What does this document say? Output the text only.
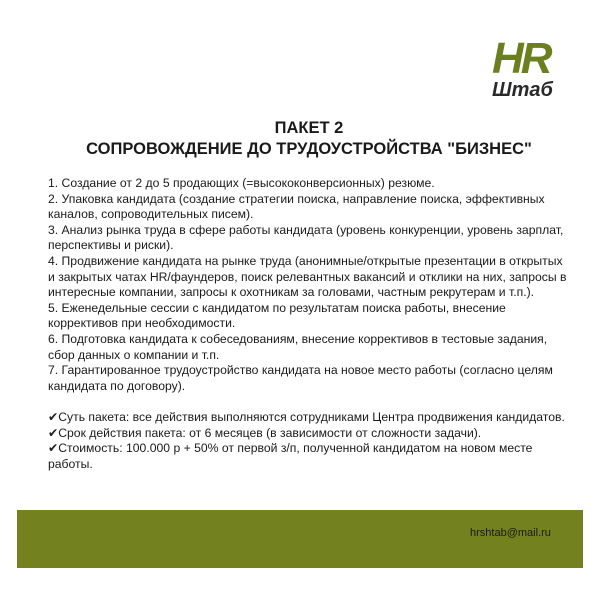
HR
Штаб
ПАКЕТ 2
СОПРОВОЖДЕНИЕ ДО ТРУДОУСТРОЙСТВА "БИЗНЕС"
1. Создание от 2 до 5 продающих (=высококонверсионных) резюме.
2. Упаковка кандидата (создание стратегии поиска, направление поиска, эффективных каналов, сопроводительных писем).
3. Анализ рынка труда в сфере работы кандидата (уровень конкуренции, уровень зарплат, перспективы и риски).
4. Продвижение кандидата на рынке труда (анонимные/открытые презентации в открытых и закрытых чатах HR/фаундеров, поиск релевантных вакансий и отклики на них, запросы в интересные компании, запросы к охотникам за головами, частным рекрутерам и т.п.).
5. Еженедельные сессии с кандидатом по результатам поиска работы, внесение коррективов при необходимости.
6. Подготовка кандидата к собеседованиям, внесение коррективов в тестовые задания, сбор данных о компании и т.п.
7. Гарантированное трудоустройство кандидата на новое место работы (согласно целям кандидата по договору).
✔Суть пакета: все действия выполняются сотрудниками Центра продвижения кандидатов.
✔Срок действия пакета: от 6 месяцев (в зависимости от сложности задачи).
✔Стоимость: 100.000 р + 50% от первой з/п, полученной кандидатом на новом месте работы.
hrshtab@mail.ru
